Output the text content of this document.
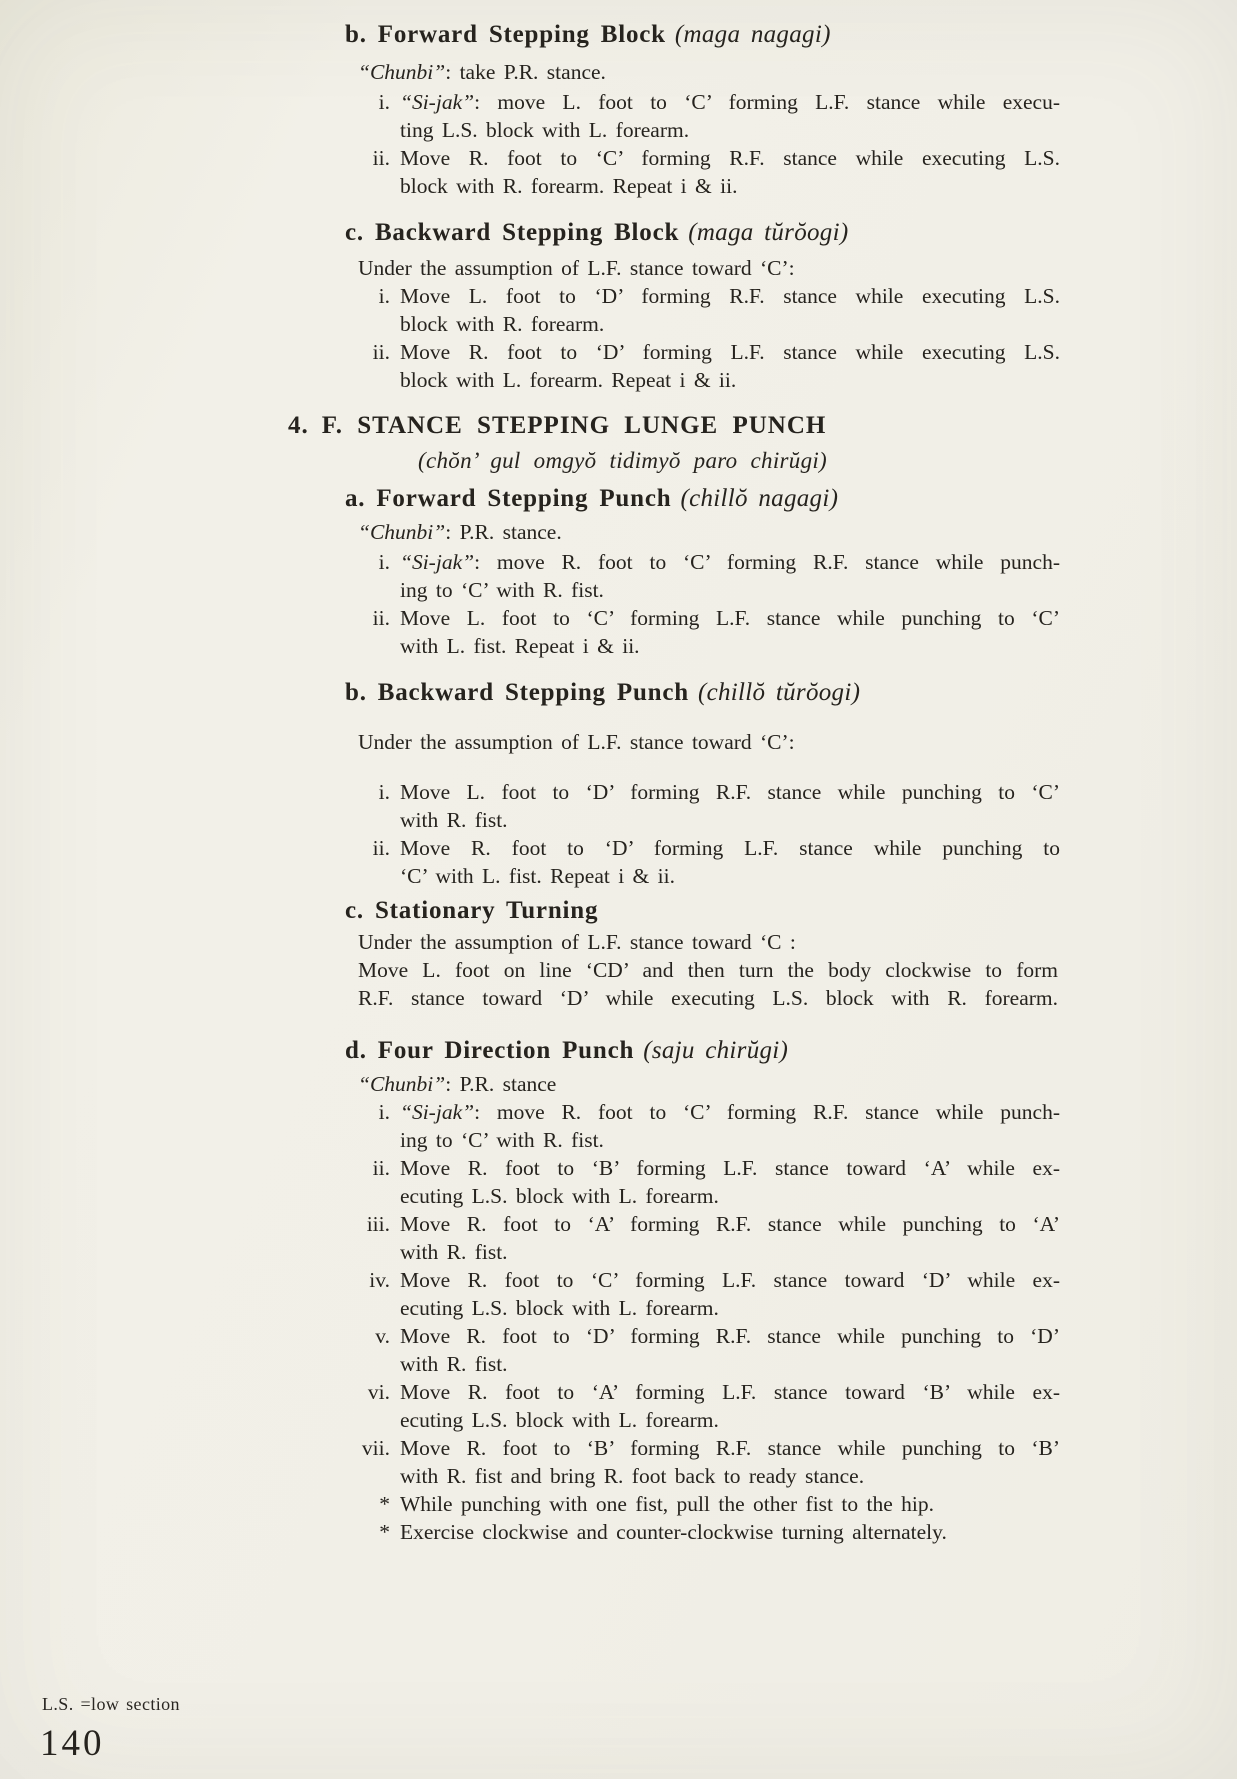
b. Forward Stepping Block (maga nagagi)
“Chunbi”: take P.R. stance.
i. “Si-jak”: move L. foot to ‘C’ forming L.F. stance while execu-
ting L.S. block with L. forearm.
ii. Move R. foot to ‘C’ forming R.F. stance while executing L.S.
block with R. forearm. Repeat i & ii.
c. Backward Stepping Block (maga tŭrŏogi)
Under the assumption of L.F. stance toward ‘C’:
i. Move L. foot to ‘D’ forming R.F. stance while executing L.S.
block with R. forearm.
ii. Move R. foot to ‘D’ forming L.F. stance while executing L.S.
block with L. forearm. Repeat i & ii.
4. F. STANCE STEPPING LUNGE PUNCH
(chŏn’ gul omgyŏ tidimyŏ paro chirŭgi)
a. Forward Stepping Punch (chillŏ nagagi)
“Chunbi”: P.R. stance.
i. “Si-jak”: move R. foot to ‘C’ forming R.F. stance while punch-
ing to ‘C’ with R. fist.
ii. Move L. foot to ‘C’ forming L.F. stance while punching to ‘C’
with L. fist. Repeat i & ii.
b. Backward Stepping Punch (chillŏ tŭrŏogi)
Under the assumption of L.F. stance toward ‘C’:
i. Move L. foot to ‘D’ forming R.F. stance while punching to ‘C’
with R. fist.
ii. Move R. foot to ‘D’ forming L.F. stance while punching to
‘C’ with L. fist. Repeat i & ii.
c. Stationary Turning
Under the assumption of L.F. stance toward ‘C :
Move L. foot on line ‘CD’ and then turn the body clockwise to form
R.F. stance toward ‘D’ while executing L.S. block with R. forearm.
d. Four Direction Punch (saju chirŭgi)
“Chunbi”: P.R. stance
i. “Si-jak”: move R. foot to ‘C’ forming R.F. stance while punch-
ing to ‘C’ with R. fist.
ii. Move R. foot to ‘B’ forming L.F. stance toward ‘A’ while ex-
ecuting L.S. block with L. forearm.
iii. Move R. foot to ‘A’ forming R.F. stance while punching to ‘A’
with R. fist.
iv. Move R. foot to ‘C’ forming L.F. stance toward ‘D’ while ex-
ecuting L.S. block with L. forearm.
v. Move R. foot to ‘D’ forming R.F. stance while punching to ‘D’
with R. fist.
vi. Move R. foot to ‘A’ forming L.F. stance toward ‘B’ while ex-
ecuting L.S. block with L. forearm.
vii. Move R. foot to ‘B’ forming R.F. stance while punching to ‘B’
with R. fist and bring R. foot back to ready stance.
* While punching with one fist, pull the other fist to the hip.
* Exercise clockwise and counter-clockwise turning alternately.
L.S. =low section
140
